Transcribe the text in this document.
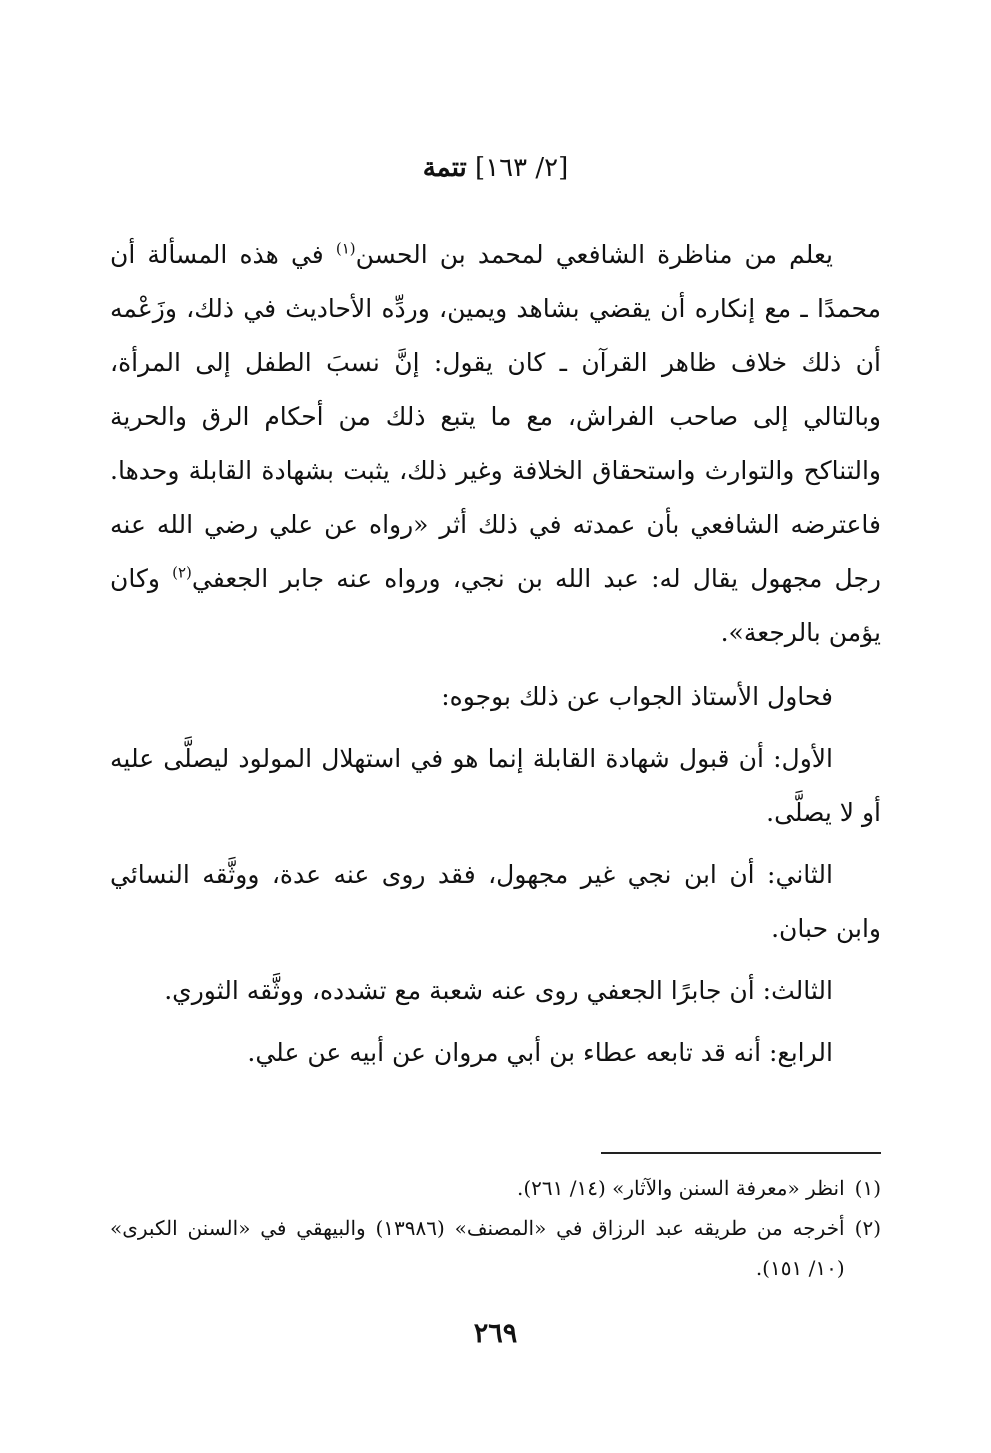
[٢/ ١٦٣] تتمة

يعلم من مناظرة الشافعي لمحمد بن الحسن$^{(١)}$ في هذه المسألة أن محمدًا ـ مع إنكاره أن يقضي بشاهد ويمين، وردِّه الأحاديث في ذلك، وزَعْمه أن ذلك خلاف ظاهر القرآن ـ كان يقول: إنَّ نسبَ الطفل إلى المرأة، وبالتالي إلى صاحب الفراش، مع ما يتبع ذلك من أحكام الرق والحرية والتناكح والتوارث واستحقاق الخلافة وغير ذلك، يثبت بشهادة القابلة وحدها. فاعترضه الشافعي بأن عمدته في ذلك أثر «رواه عن علي رضي الله عنه رجل مجهول يقال له: عبد الله بن نجي، ورواه عنه جابر الجعفي$^{(٢)}$ وكان يؤمن بالرجعة».

فحاول الأستاذ الجواب عن ذلك بوجوه:

الأول: أن قبول شهادة القابلة إنما هو في استهلال المولود ليصلَّى عليه أو لا يصلَّى.

الثاني: أن ابن نجي غير مجهول، فقد روى عنه عدة، ووثَّقه النسائي وابن حبان.

الثالث: أن جابرًا الجعفي روى عنه شعبة مع تشدده، ووثَّقه الثوري.

الرابع: أنه قد تابعه عطاء بن أبي مروان عن أبيه عن علي.

(١)
انظر «معرفة السنن والآثار» (١٤/ ٢٦١).
(٢)
أخرجه من طريقه عبد الرزاق في «المصنف» (١٣٩٨٦) والبيهقي في «السنن الكبرى» (١٠/ ١٥١).
٢٦٩
